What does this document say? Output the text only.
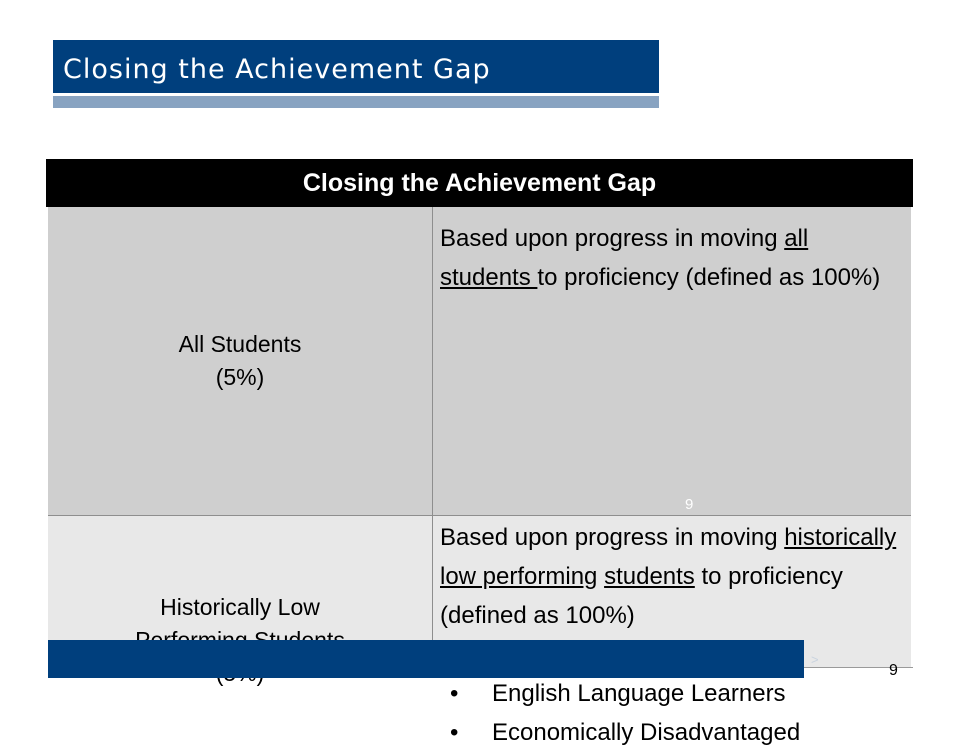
Closing the Achievement Gap
Closing the Achievement Gap
All Students
(5%)
Based upon progress in moving all students to proficiency (defined as 100%)
Historically Low
Based upon progress in moving historically low performing students to proficiency (defined as 100%)
• English Language Learners
• Economically Disadvantaged
9
>
9
